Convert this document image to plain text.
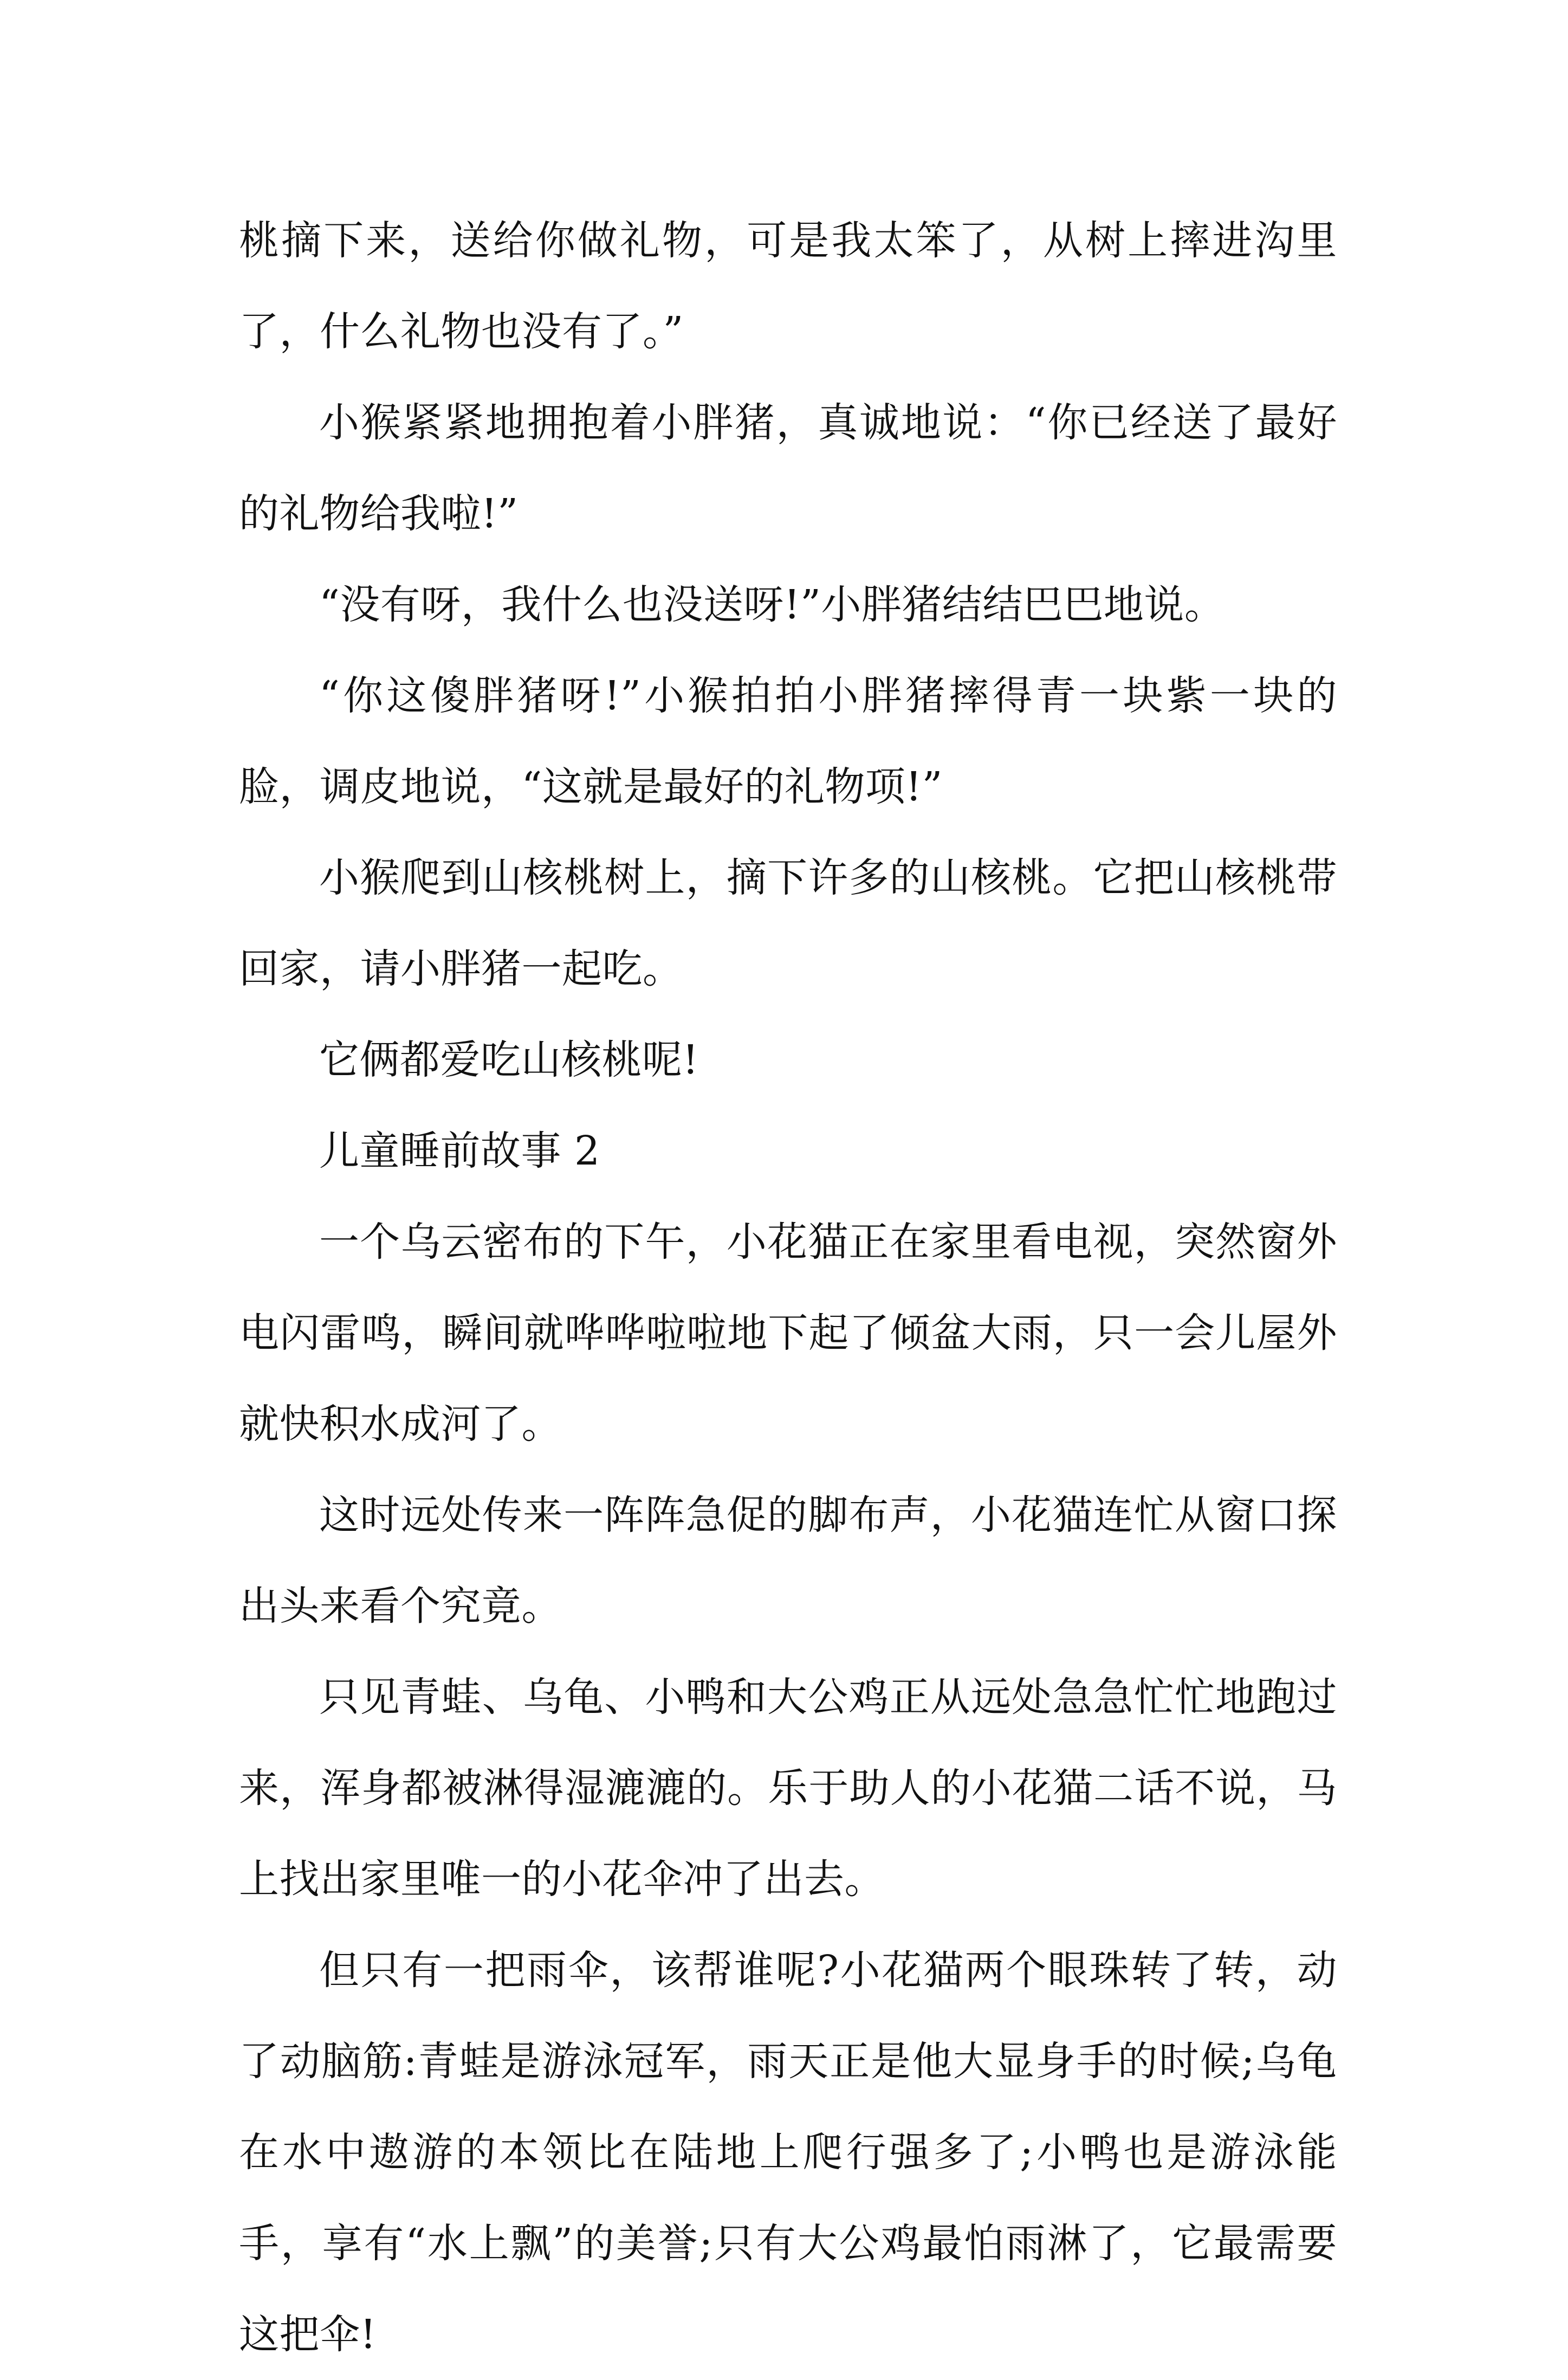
桃摘下来，送给你做礼物，可是我太笨了，从树上摔进沟里了，什么礼物也没有了。”

小猴紧紧地拥抱着小胖猪，真诚地说：“你已经送了最好的礼物给我啦!”

“没有呀，我什么也没送呀!”小胖猪结结巴巴地说。

“你这傻胖猪呀!”小猴拍拍小胖猪摔得青一块紫一块的脸，调皮地说，“这就是最好的礼物项!”

小猴爬到山核桃树上，摘下许多的山核桃。它把山核桃带回家，请小胖猪一起吃。

它俩都爱吃山核桃呢!

儿童睡前故事 2

一个乌云密布的下午，小花猫正在家里看电视，突然窗外电闪雷鸣，瞬间就哗哗啦啦地下起了倾盆大雨，只一会儿屋外就快积水成河了。

这时远处传来一阵阵急促的脚布声，小花猫连忙从窗口探出头来看个究竟。

只见青蛙、乌龟、小鸭和大公鸡正从远处急急忙忙地跑过来，浑身都被淋得湿漉漉的。乐于助人的小花猫二话不说，马上找出家里唯一的小花伞冲了出去。

但只有一把雨伞，该帮谁呢?小花猫两个眼珠转了转，动了动脑筋:青蛙是游泳冠军，雨天正是他大显身手的时候;乌龟在水中遨游的本领比在陆地上爬行强多了;小鸭也是游泳能手，享有“水上飘”的美誉;只有大公鸡最怕雨淋了，它最需要这把伞!
